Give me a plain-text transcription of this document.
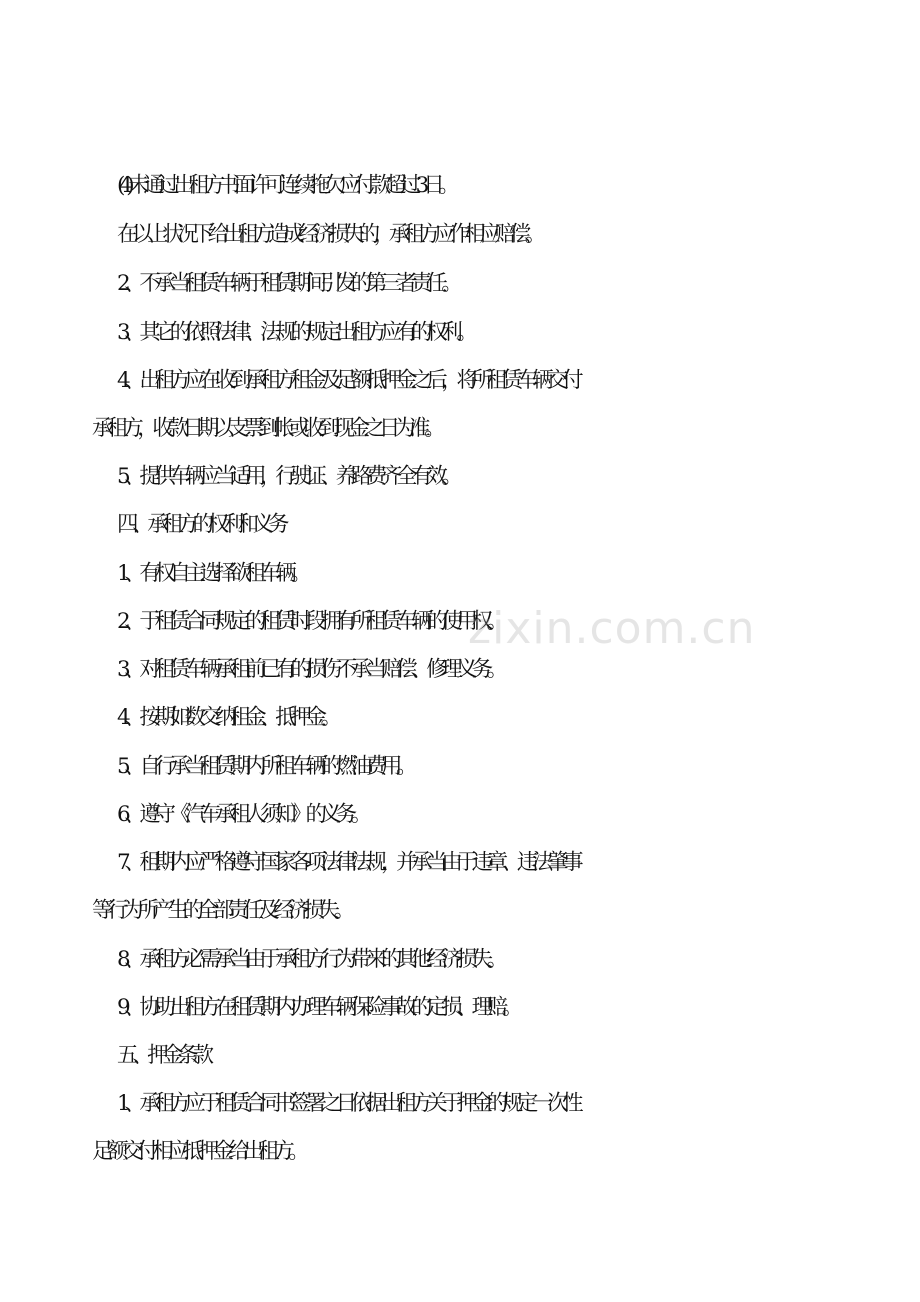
(4)未通过出租方书面许可连续拖欠应付款超过 3 日。
在以上状况下给出租方造成经济损失的，承租方应作相应赔偿。
2、不承当租赁车辆于租赁期间引发的第三者责任。
3、其它的依照法律、法规的规定出租方应有的权利。
4、出租方应在收到承租方租金及足额抵押金之后，将所租赁车辆交付
承租方，收款日期以支票到帐或收到现金之日为准。
5、提供车辆应当适用，行驶证、养路费齐全有效。
四、承租方的权利和义务
1、有权自主选择欲租车辆。
2、于租赁合同规定的租赁时段拥有所租赁车辆的使用权。
3、对租赁车辆承租前已有的损伤不承当赔偿、修理义务。
4、按期如数交纳租金、抵押金。
5、自行承当租赁期内所租车辆的燃油费用。
6、遵守《汽车承租人须知》的义务。
7、租期内应严格遵守国家各项法律法规，并承当由于违章、违法肇事
等行为所产生的全部责任及经济损失。
8、承租方必需承当由于承租方行为带来的其他经济损失。
9、协助出租方在租赁期内办理车辆保险事故的定损、理赔。
五、押金条款
1、承租方应于租赁合同书签署之日依据出租方关于押金的规定一次性
足额交付相应抵押金给出租方。
zixin.com.cn
